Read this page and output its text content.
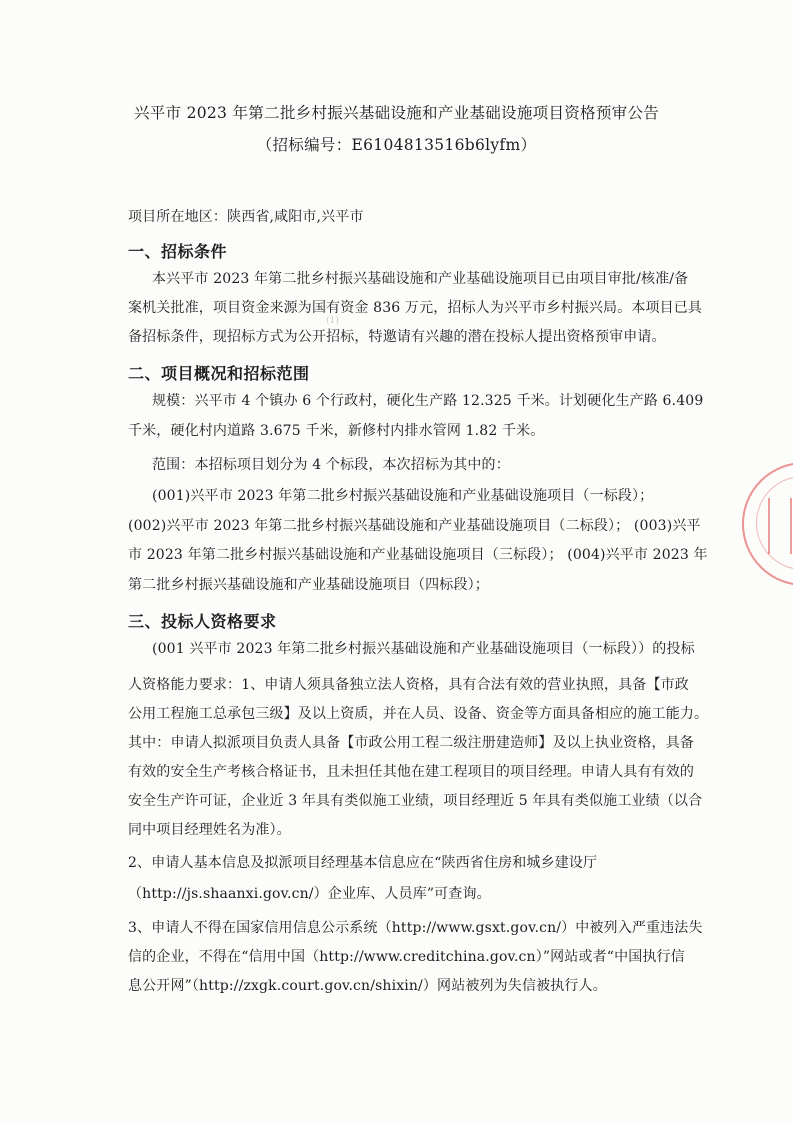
兴平市 2023 年第二批乡村振兴基础设施和产业基础设施项目资格预审公告
（招标编号：E6104813516b6lyfm）
项目所在地区：陕西省,咸阳市,兴平市
一、招标条件
本兴平市 2023 年第二批乡村振兴基础设施和产业基础设施项目已由项目审批/核准/备
案机关批准，项目资金来源为国有资金 836 万元，招标人为兴平市乡村振兴局。本项目已具
备招标条件，现招标方式为公开招标，特邀请有兴趣的潜在投标人提出资格预审申请。
(1)
二、项目概况和招标范围
规模：兴平市 4 个镇办 6 个行政村，硬化生产路 12.325 千米。计划硬化生产路 6.409
千米，硬化村内道路 3.675 千米，新修村内排水管网 1.82 千米。
范围：本招标项目划分为 4 个标段，本次招标为其中的：
(001)兴平市 2023 年第二批乡村振兴基础设施和产业基础设施项目（一标段）；
(002)兴平市 2023 年第二批乡村振兴基础设施和产业基础设施项目（二标段）； (003)兴平
市 2023 年第二批乡村振兴基础设施和产业基础设施项目（三标段）； (004)兴平市 2023 年
第二批乡村振兴基础设施和产业基础设施项目（四标段）；
三、投标人资格要求
(001 兴平市 2023 年第二批乡村振兴基础设施和产业基础设施项目（一标段））的投标
人资格能力要求：1、申请人须具备独立法人资格，具有合法有效的营业执照，具备【市政
公用工程施工总承包三级】及以上资质，并在人员、设备、资金等方面具备相应的施工能力。
其中：申请人拟派项目负责人具备【市政公用工程二级注册建造师】及以上执业资格，具备
有效的安全生产考核合格证书，且未担任其他在建工程项目的项目经理。申请人具有有效的
安全生产许可证，企业近 3 年具有类似施工业绩，项目经理近 5 年具有类似施工业绩（以合
同中项目经理姓名为准）。
2、申请人基本信息及拟派项目经理基本信息应在“陕西省住房和城乡建设厅
（http://js.shaanxi.gov.cn/）企业库、人员库”可查询。
3、申请人不得在国家信用信息公示系统（http://www.gsxt.gov.cn/）中被列入严重违法失
信的企业，不得在“信用中国（http://www.creditchina.gov.cn）”网站或者“中国执行信
息公开网”（http://zxgk.court.gov.cn/shixin/）网站被列为失信被执行人。
